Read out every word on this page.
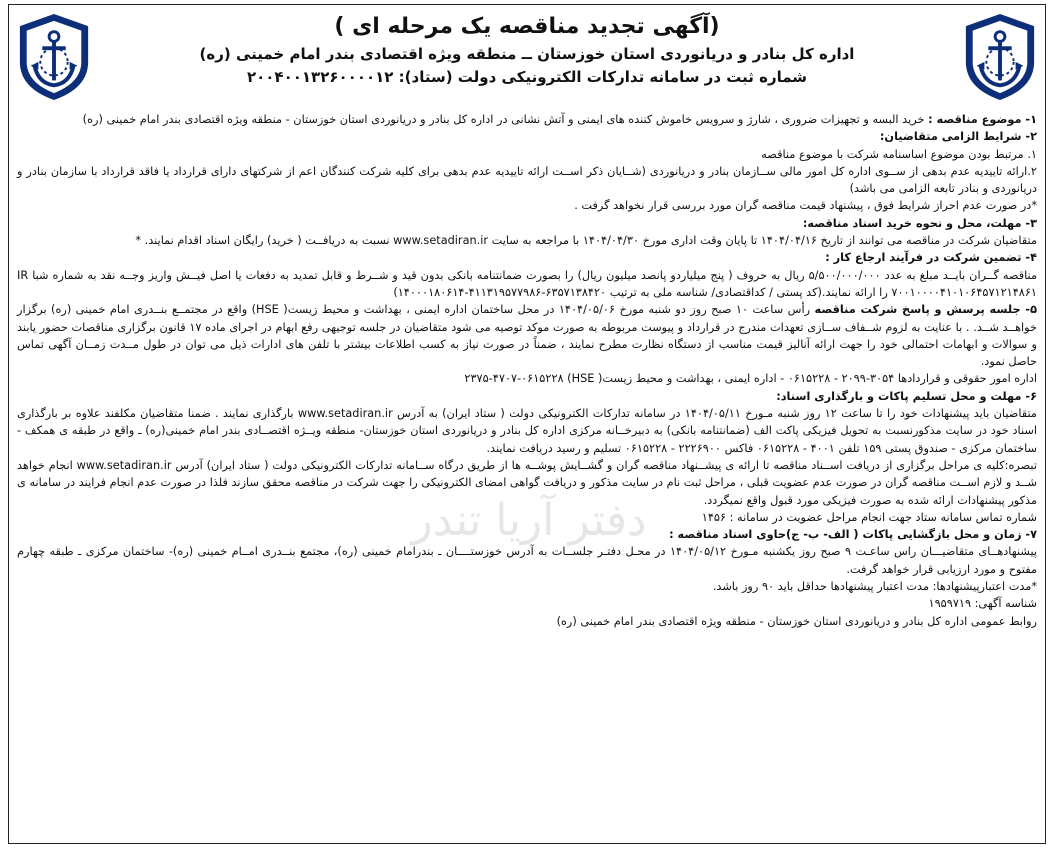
(آگهی تجدید مناقصه یک مرحله ای )

اداره کل بنادر و دریانوردی استان خوزستان ــ منطقه ویژه اقتصادی بندر امام خمینی (ره)

شماره ثبت در سامانه تدارکات الکترونیکی دولت (ستاد): ۲۰۰۴۰۰۱۳۲۶۰۰۰۰۱۲

دفتر آریا تندر

۱- موضوع مناقصه : خرید البسه و تجهیزات ضروری ، شارژ و سرویس خاموش کننده های ایمنی و آتش نشانی در اداره کل بنادر و دریانوردی استان خوزستان - منطقه ویژه اقتصادی بندر امام خمینی (ره)

۲- شرایط الزامی متقاضیان:

۱. مرتبط بودن موضوع اساسنامه شرکت با موضوع مناقصه

۲.ارائه تاییدیه عدم بدهی از ســوی اداره کل امور مالی ســازمان بنادر و دریانوردی (شــایان ذکر اســت ارائه تاییدیه عدم بدهی برای کلیه شرکت کنندگان اعم از شرکتهای دارای قرارداد یا فاقد قرارداد با سازمان بنادر و دریانوردی و بنادر تابعه الزامی می باشد)

*در صورت عدم احراز شرایط فوق ، پیشنهاد قیمت مناقصه گران مورد بررسی قرار نخواهد گرفت .

۳- مهلت، محل و نحوه خرید اسناد مناقصه:

متقاضیان شرکت در مناقصه می توانند از تاریخ ۱۴۰۴/۰۴/۱۶ تا پایان وقت اداری مورخ ۱۴۰۴/۰۴/۳۰ با مراجعه به سایت www.setadiran.ir نسبت به دریافــت ( خرید) رایگان اسناد اقدام نمایند. *

۴- تضمین شرکت در فرآیند ارجاع کار :

مناقصه گــران بایــد مبلغ به عدد ۵/۵۰۰/۰۰۰/۰۰۰ ریال به حروف ( پنج میلیاردو پانصد میلیون ریال) را بصورت ضمانتنامه بانکی بدون قید و شــرط و قابل تمدید به دفعات یا اصل فیــش واریز وجــه نقد به شماره شبا IR ۷۰۰۱۰۰۰۰۴۱۰۱۰۶۴۵۷۱۲۱۴۸۶۱ را ارائه نمایند.(کد پستی / کداقتصادی/ شناسه ملی به ترتیب ۶۳۵۷۱۳۸۴۲۰-۴۱۱۳۱۹۵۷۷۹۸۶-۱۴۰۰۰۱۸۰۶۱۴)

۵- جلسه پرسش و پاسخ شرکت مناقصه رأس ساعت ۱۰ صبح روز دو شنبه مورخ ۱۴۰۴/۰۵/۰۶ در محل ساختمان اداره ایمنی ، بهداشت و محیط زیست( HSE) واقع در مجتمــع بنــدری امام خمینی (ره) برگزار خواهــد شــد. . با عنایت به لزوم شــفاف ســازی تعهدات مندرج در قرارداد و پیوست مربوطه به صورت موکد توصیه می شود متقاضیان در جلسه توجیهی رفع ابهام در اجرای ماده ۱۷ قانون برگزاری مناقصات حضور یابند و سوالات و ابهامات احتمالی خود را جهت ارائه آنالیز قیمت مناسب از دستگاه نظارت مطرح نمایند ، ضمناً در صورت نیاز به کسب اطلاعات بیشتر با تلفن های ادارات ذیل می توان در طول مــدت زمــان آگهی تماس حاصل نمود.

اداره امور حقوقی و قراردادها ۳۰۵۴-۲۰۹۹ - ۰۶۱۵۲۲۸ - اداره ایمنی ، بهداشت و محیط زیست( HSE) ۲۳۷۵-۴۷۰۷-۰۶۱۵۲۲۸

۶- مهلت و محل تسلیم پاکات و بارگذاری اسناد:

متقاضیان باید پیشنهادات خود را تا ساعت ۱۲ روز شنبه مـورخ ۱۴۰۴/۰۵/۱۱ در سامانه تدارکات الکترونیکی دولت ( ستاد ایران) به آدرس www.setadiran.ir بارگذاری نمایند . ضمنا متقاضیان مکلفند علاوه بر بارگذاری اسناد خود در سایت مذکورنسبت به تحویل فیزیکی پاکت الف (ضمانتنامه بانکی) به دبیرخــانه مرکزی اداره کل بنادر و دریانوردی استان خوزستان- منطقه ویــژه اقتصــادی بندر امام خمینی(ره) ـ واقع در طبقه ی همکف - ساختمان مرکزی - صندوق پستی ۱۵۹ تلفن ۴۰۰۱ - ۰۶۱۵۲۲۸ فاکس ۲۲۲۶۹۰۰ - ۰۶۱۵۲۲۸ تسلیم و رسید دریافت نمایند.

تبصره:کلیه ی مراحل برگزاری از دریافت اســناد مناقصه تا ارائه ی پیشــنهاد مناقصه گران و گشــایش پوشــه ها از طریق درگاه ســامانه تدارکات الکترونیکی دولت ( ستاد ایران) آدرس www.setadiran.ir انجام خواهد شــد و لازم اســت مناقصه گران در صورت عدم عضویت قبلی ، مراحل ثبت نام در سایت مذکور و دریافت گواهی امضای الکترونیکی را جهت شرکت در مناقصه محقق سازند فلذا در صورت عدم انجام فرایند در سامانه ی مذکور پیشنهادات ارائه شده به صورت فیزیکی مورد قبول واقع نمیگردد.

شماره تماس سامانه ستاد جهت انجام مراحل عضویت در سامانه : ۱۴۵۶

۷- زمان و محل بازگشایی پاکات ( الف- ب- ج)حاوی اسناد مناقصه :

پیشنهادهــای متقاضیـــان راس ساعـت ۹ صبح روز یکشنبه مـورخ ۱۴۰۴/۰۵/۱۲ در محـل دفتـر جلســات به آدرس خوزستــــان ـ بندرامام خمینی (ره)، مجتمع بنــدری امــام خمینی (ره)- ساختمان مرکزی ـ طبقه چهارم مفتوح و مورد ارزیابی قرار خواهد گرفت.

*مدت اعتبارپیشنهادها: مدت اعتبار پیشنهادها حداقل باید ۹۰ روز باشد.

شناسه آگهی: ۱۹۵۹۷۱۹

روابط عمومی اداره کل بنادر و دریانوردی استان خوزستان - منطقه ویژه اقتصادی بندر امام خمینی (ره)
